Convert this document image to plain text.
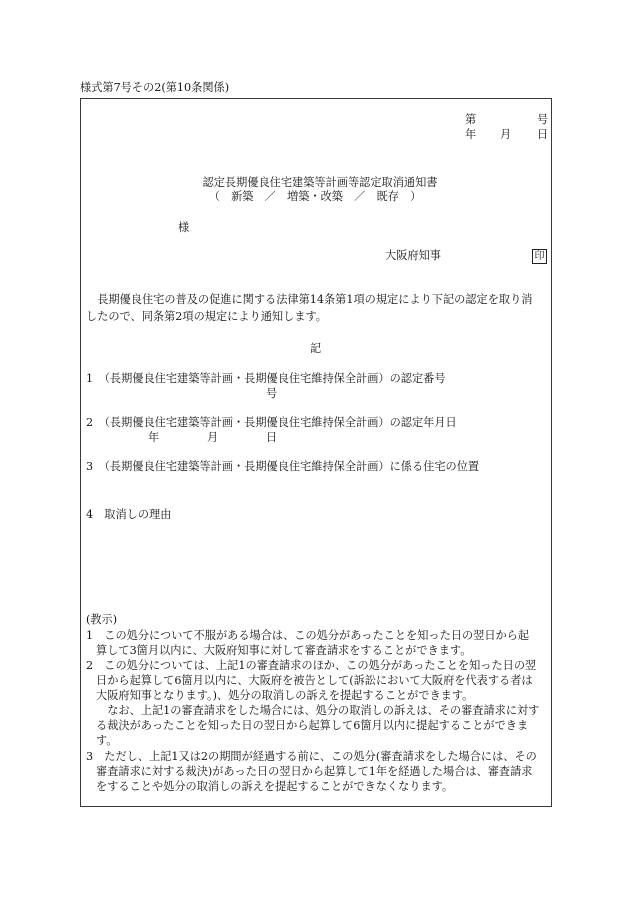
様式第7号その2(第10条関係)
第	号
年 月 日
認定長期優良住宅建築等計画等認定取消通知書
（　新築　／　増築・改築　／　既存　）
様
大阪府知事	印
　長期優良住宅の普及の促進に関する法律第14条第1項の規定により下記の認定を取り消
したので、同条第2項の規定により通知します。
記
1　（長期優良住宅建築等計画・長期優良住宅維持保全計画）の認定番号
号
2　（長期優良住宅建築等計画・長期優良住宅維持保全計画）の認定年月日
年	月	日
3　（長期優良住宅建築等計画・長期優良住宅維持保全計画）に係る住宅の位置
4　取消しの理由
(教示)
1　この処分について不服がある場合は、この処分があったことを知った日の翌日から起
算して3箇月以内に、大阪府知事に対して審査請求をすることができます。
2　この処分については、上記1の審査請求のほか、この処分があったことを知った日の翌
日から起算して6箇月以内に、大阪府を被告として(訴訟において大阪府を代表する者は
大阪府知事となります。)、処分の取消しの訴えを提起することができます。
　なお、上記1の審査請求をした場合には、処分の取消しの訴えは、その審査請求に対す
る裁決があったことを知った日の翌日から起算して6箇月以内に提起することができま
す。
3　ただし、上記1又は2の期間が経過する前に、この処分(審査請求をした場合には、その
審査請求に対する裁決)があった日の翌日から起算して1年を経過した場合は、審査請求
をすることや処分の取消しの訴えを提起することができなくなります。
